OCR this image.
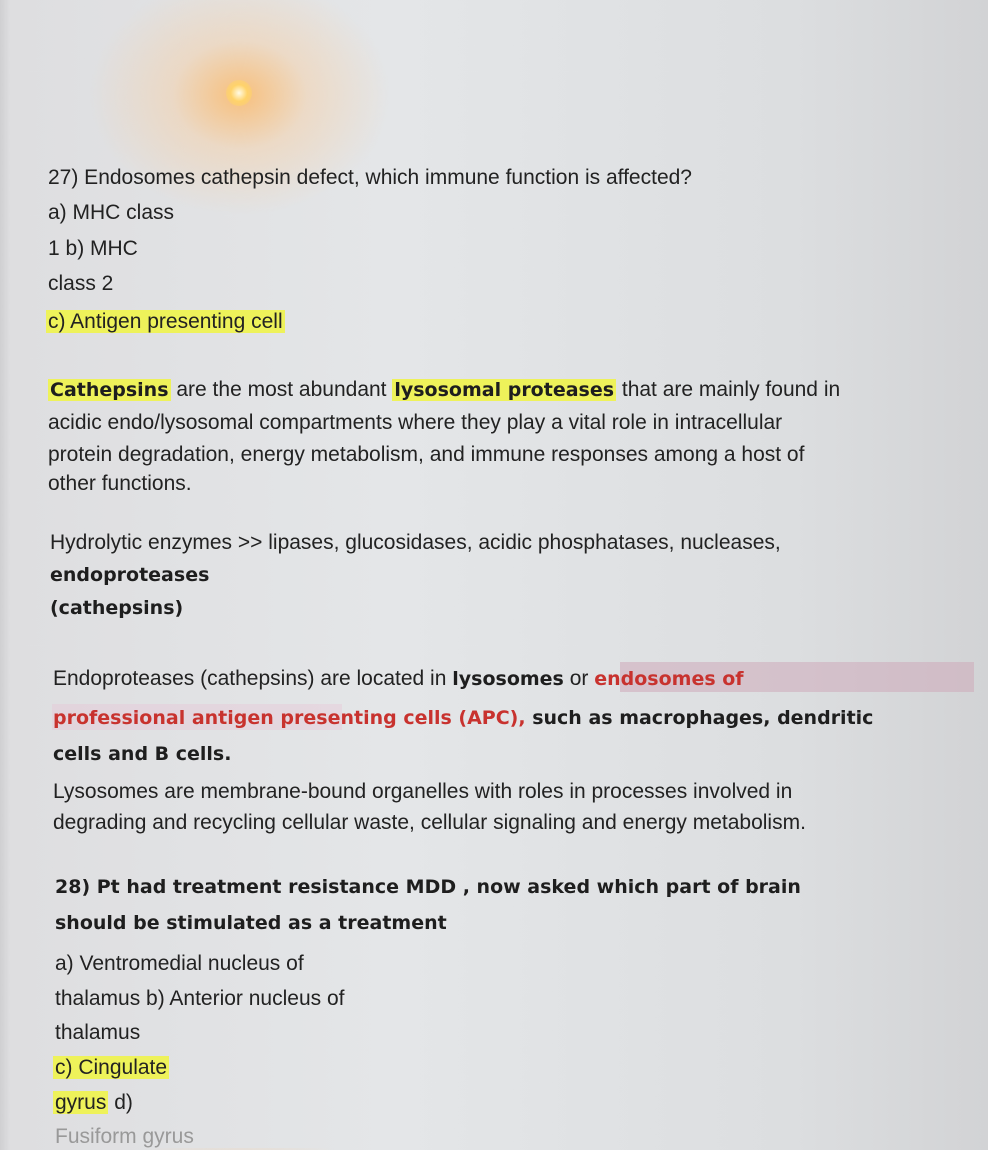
27) Endosomes cathepsin defect, which immune function is affected?
a) MHC class
1 b) MHC
class 2
c) Antigen presenting cell
Cathepsins are the most abundant lysosomal proteases that are mainly found in
acidic endo/lysosomal compartments where they play a vital role in intracellular
protein degradation, energy metabolism, and immune responses among a host of
other functions.
Hydrolytic enzymes >> lipases, glucosidases, acidic phosphatases, nucleases,
endoproteases
(cathepsins)
Endoproteases (cathepsins) are located in lysosomes or endosomes of
professional antigen presenting cells (APC), such as macrophages, dendritic
cells and B cells.
Lysosomes are membrane-bound organelles with roles in processes involved in
degrading and recycling cellular waste, cellular signaling and energy metabolism.
28) Pt had treatment resistance MDD , now asked which part of brain
should be stimulated as a treatment
a) Ventromedial nucleus of
thalamus b) Anterior nucleus of
thalamus
c) Cingulate
gyrus d)
Fusiform gyrus
